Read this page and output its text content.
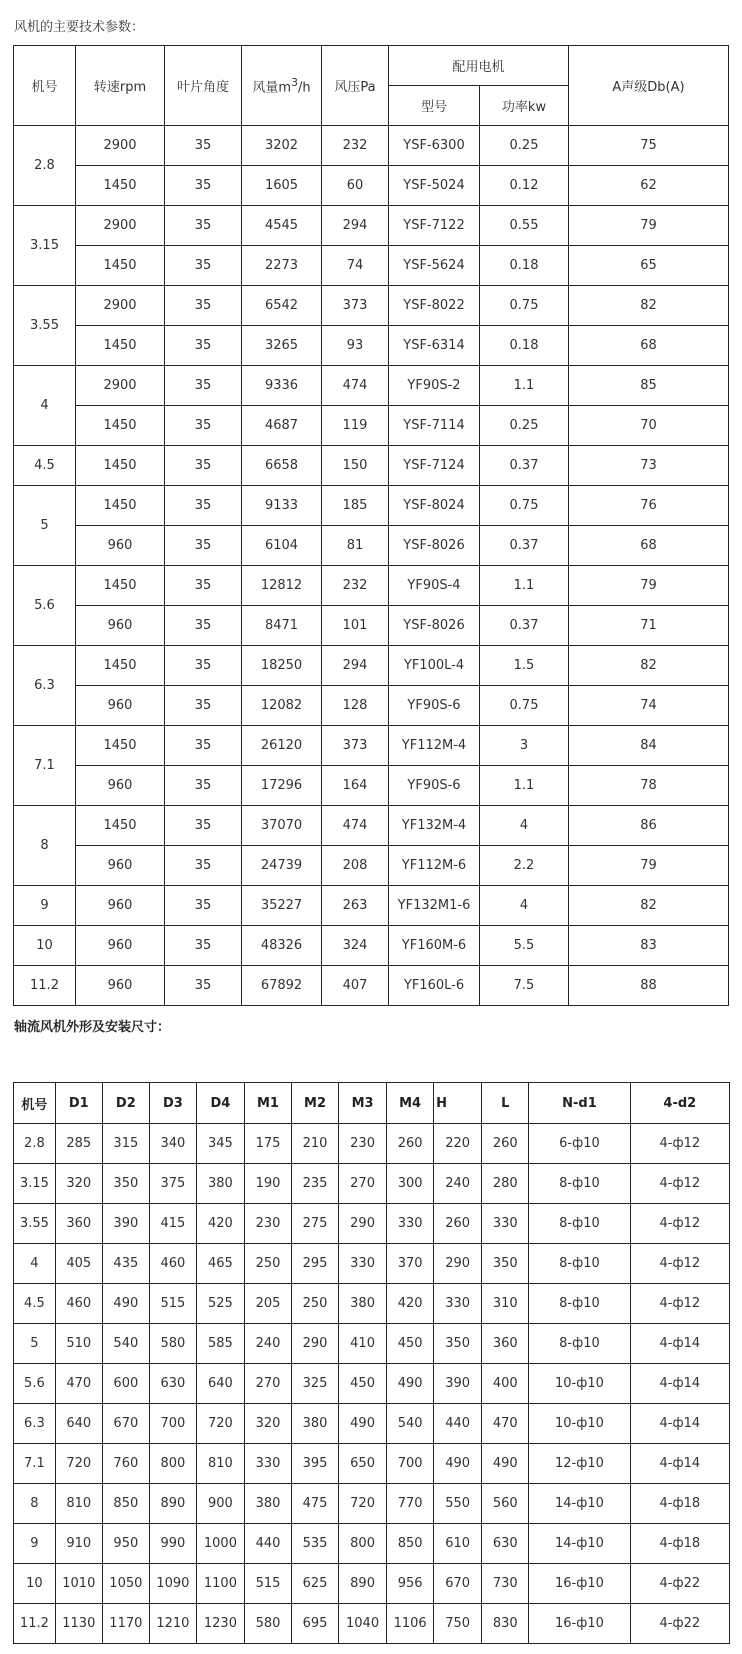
风机的主要技术参数：
机号	转速rpm	叶片角度	风量$m^3/h$	风压Pa	配用电机		A声级Db(A)
					型号	功率kw	
2.8	2900	35	3202	232	YSF-6300	0.25	75
	1450	35	1605	60	YSF-5024	0.12	62
3.15	2900	35	4545	294	YSF-7122	0.55	79
	1450	35	2273	74	YSF-5624	0.18	65
3.55	2900	35	6542	373	YSF-8022	0.75	82
	1450	35	3265	93	YSF-6314	0.18	68
4	2900	35	9336	474	YF90S-2	1.1	85
	1450	35	4687	119	YSF-7114	0.25	70
4.5	1450	35	6658	150	YSF-7124	0.37	73
5	1450	35	9133	185	YSF-8024	0.75	76
	960	35	6104	81	YSF-8026	0.37	68
5.6	1450	35	12812	232	YF90S-4	1.1	79
	960	35	8471	101	YSF-8026	0.37	71
6.3	1450	35	18250	294	YF100L-4	1.5	82
	960	35	12082	128	YF90S-6	0.75	74
7.1	1450	35	26120	373	YF112M-4	3	84
	960	35	17296	164	YF90S-6	1.1	78
8	1450	35	37070	474	YF132M-4	4	86
	960	35	24739	208	YF112M-6	2.2	79
9	960	35	35227	263	YF132M1-6	4	82
10	960	35	48326	324	YF160M-6	5.5	83
11.2	960	35	67892	407	YF160L-6	7.5	88
轴流风机外形及安装尺寸：
机号	D1	D2	D3	D4	M1	M2	M3	M4	H	L	N-d1	4-d2
2.8	285	315	340	345	175	210	230	260	220	260	6-ф10	4-ф12
3.15	320	350	375	380	190	235	270	300	240	280	8-ф10	4-ф12
3.55	360	390	415	420	230	275	290	330	260	330	8-ф10	4-ф12
4	405	435	460	465	250	295	330	370	290	350	8-ф10	4-ф12
4.5	460	490	515	525	205	250	380	420	330	310	8-ф10	4-ф12
5	510	540	580	585	240	290	410	450	350	360	8-ф10	4-ф14
5.6	470	600	630	640	270	325	450	490	390	400	10-ф10	4-ф14
6.3	640	670	700	720	320	380	490	540	440	470	10-ф10	4-ф14
7.1	720	760	800	810	330	395	650	700	490	490	12-ф10	4-ф14
8	810	850	890	900	380	475	720	770	550	560	14-ф10	4-ф18
9	910	950	990	1000	440	535	800	850	610	630	14-ф10	4-ф18
10	1010	1050	1090	1100	515	625	890	956	670	730	16-ф10	4-ф22
11.2	1130	1170	1210	1230	580	695	1040	1106	750	830	16-ф10	4-ф22
